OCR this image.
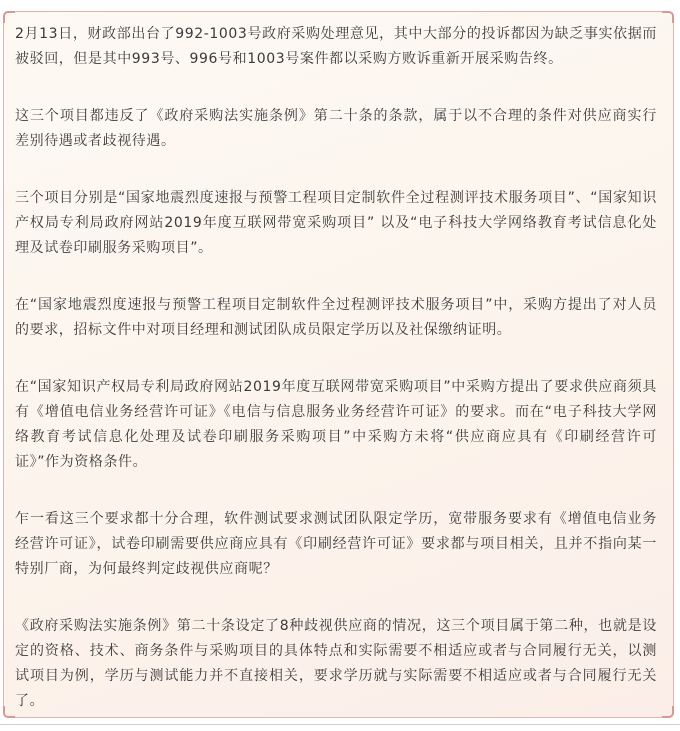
2月13日，财政部出台了992-1003号政府采购处理意见，其中大部分的投诉都因为缺乏事实依据而被驳回，但是其中993号、996号和1003号案件都以采购方败诉重新开展采购告终。

这三个项目都违反了《政府采购法实施条例》第二十条的条款，属于以不合理的条件对供应商实行差别待遇或者歧视待遇。

三个项目分别是“国家地震烈度速报与预警工程项目定制软件全过程测评技术服务项目”、“国家知识产权局专利局政府网站2019年度互联网带宽采购项目” 以及“电子科技大学网络教育考试信息化处理及试卷印刷服务采购项目”。

在“国家地震烈度速报与预警工程项目定制软件全过程测评技术服务项目”中，采购方提出了对人员的要求，招标文件中对项目经理和测试团队成员限定学历以及社保缴纳证明。

在“国家知识产权局专利局政府网站2019年度互联网带宽采购项目”中采购方提出了要求供应商须具有《增值电信业务经营许可证》《电信与信息服务业务经营许可证》的要求。而在“电子科技大学网络教育考试信息化处理及试卷印刷服务采购项目”中采购方未将“供应商应具有《印刷经营许可证》”作为资格条件。

乍一看这三个要求都十分合理，软件测试要求测试团队限定学历，宽带服务要求有《增值电信业务经营许可证》，试卷印刷需要供应商应具有《印刷经营许可证》要求都与项目相关，且并不指向某一特别厂商，为何最终判定歧视供应商呢？

《政府采购法实施条例》第二十条设定了8种歧视供应商的情况，这三个项目属于第二种，也就是设定的资格、技术、商务条件与采购项目的具体特点和实际需要不相适应或者与合同履行无关，以测试项目为例，学历与测试能力并不直接相关，要求学历就与实际需要不相适应或者与合同履行无关了。
